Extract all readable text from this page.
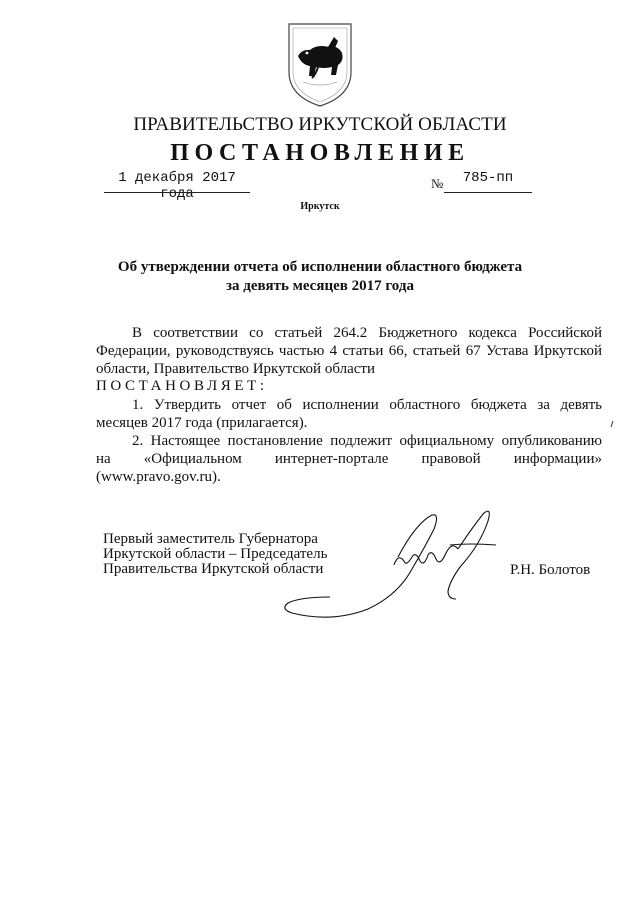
ПРАВИТЕЛЬСТВО ИРКУТСКОЙ ОБЛАСТИ
ПОСТАНОВЛЕНИЕ
1 декабря 2017 года
№	785-пп
Иркутск
Об утверждении отчета об исполнении областного бюджета
за девять месяцев 2017 года
В соответствии со статьей 264.2 Бюджетного кодекса Российской Федерации, руководствуясь частью 4 статьи 66, статьей 67 Устава Иркутской области, Правительство Иркутской области
ПОСТАНОВЛЯЕТ:
1. Утвердить отчет об исполнении областного бюджета за девять месяцев 2017 года (прилагается).
2. Настоящее постановление подлежит официальному опубликованию на «Официальном интернет-портале правовой информации» (www.pravo.gov.ru).
Первый заместитель Губернатора
Иркутской области – Председатель
Правительства Иркутской области	Р.Н. Болотов
